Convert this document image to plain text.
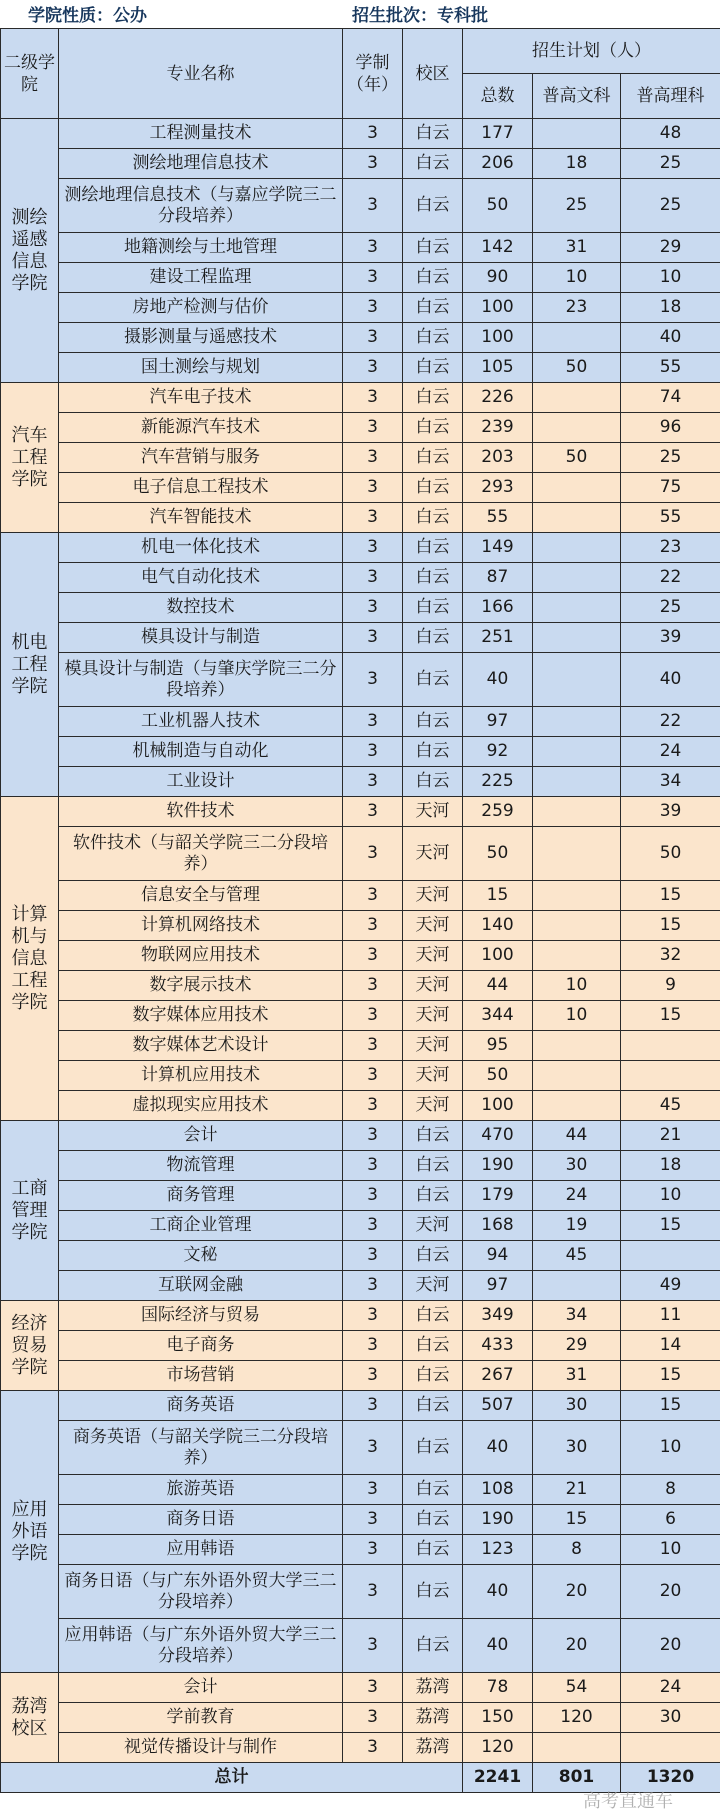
学院性质：公办	招生批次：专科批
二级学院	专业名称	学制（年）	校区	招生计划（人）		
				总数	普高文科	普高理科

测绘遥感信息学院	工程测量技术	3	白云	177		48
	测绘地理信息技术	3	白云	206	18	25
	测绘地理信息技术（与嘉应学院三二分段培养）	3	白云	50	25	25
	地籍测绘与土地管理	3	白云	142	31	29
	建设工程监理	3	白云	90	10	10
	房地产检测与估价	3	白云	100	23	18
	摄影测量与遥感技术	3	白云	100		40
	国土测绘与规划	3	白云	105	50	55

汽车工程学院	汽车电子技术	3	白云	226		74
	新能源汽车技术	3	白云	239		96
	汽车营销与服务	3	白云	203	50	25
	电子信息工程技术	3	白云	293		75
	汽车智能技术	3	白云	55		55

机电工程学院	机电一体化技术	3	白云	149		23
	电气自动化技术	3	白云	87		22
	数控技术	3	白云	166		25
	模具设计与制造	3	白云	251		39
	模具设计与制造（与肇庆学院三二分段培养）	3	白云	40		40
	工业机器人技术	3	白云	97		22
	机械制造与自动化	3	白云	92		24
	工业设计	3	白云	225		34

计算机与信息工程学院	软件技术	3	天河	259		39
	软件技术（与韶关学院三二分段培养）	3	天河	50		50
	信息安全与管理	3	天河	15		15
	计算机网络技术	3	天河	140		15
	物联网应用技术	3	天河	100		32
	数字展示技术	3	天河	44	10	9
	数字媒体应用技术	3	天河	344	10	15
	数字媒体艺术设计	3	天河	95		
	计算机应用技术	3	天河	50		
	虚拟现实应用技术	3	天河	100		45

工商管理学院	会计	3	白云	470	44	21
	物流管理	3	白云	190	30	18
	商务管理	3	白云	179	24	10
	工商企业管理	3	天河	168	19	15
	文秘	3	白云	94	45	
	互联网金融	3	天河	97		49

经济贸易学院	国际经济与贸易	3	白云	349	34	11
	电子商务	3	白云	433	29	14
	市场营销	3	白云	267	31	15

应用外语学院	商务英语	3	白云	507	30	15
	商务英语（与韶关学院三二分段培养）	3	白云	40	30	10
	旅游英语	3	白云	108	21	8
	商务日语	3	白云	190	15	6
	应用韩语	3	白云	123	8	10
	商务日语（与广东外语外贸大学三二分段培养）	3	白云	40	20	20
	应用韩语（与广东外语外贸大学三二分段培养）	3	白云	40	20	20

荔湾校区	会计	3	荔湾	78	54	24
	学前教育	3	荔湾	150	120	30
	视觉传播设计与制作	3	荔湾	120		
总计				2241	801	1320
高考直通车
